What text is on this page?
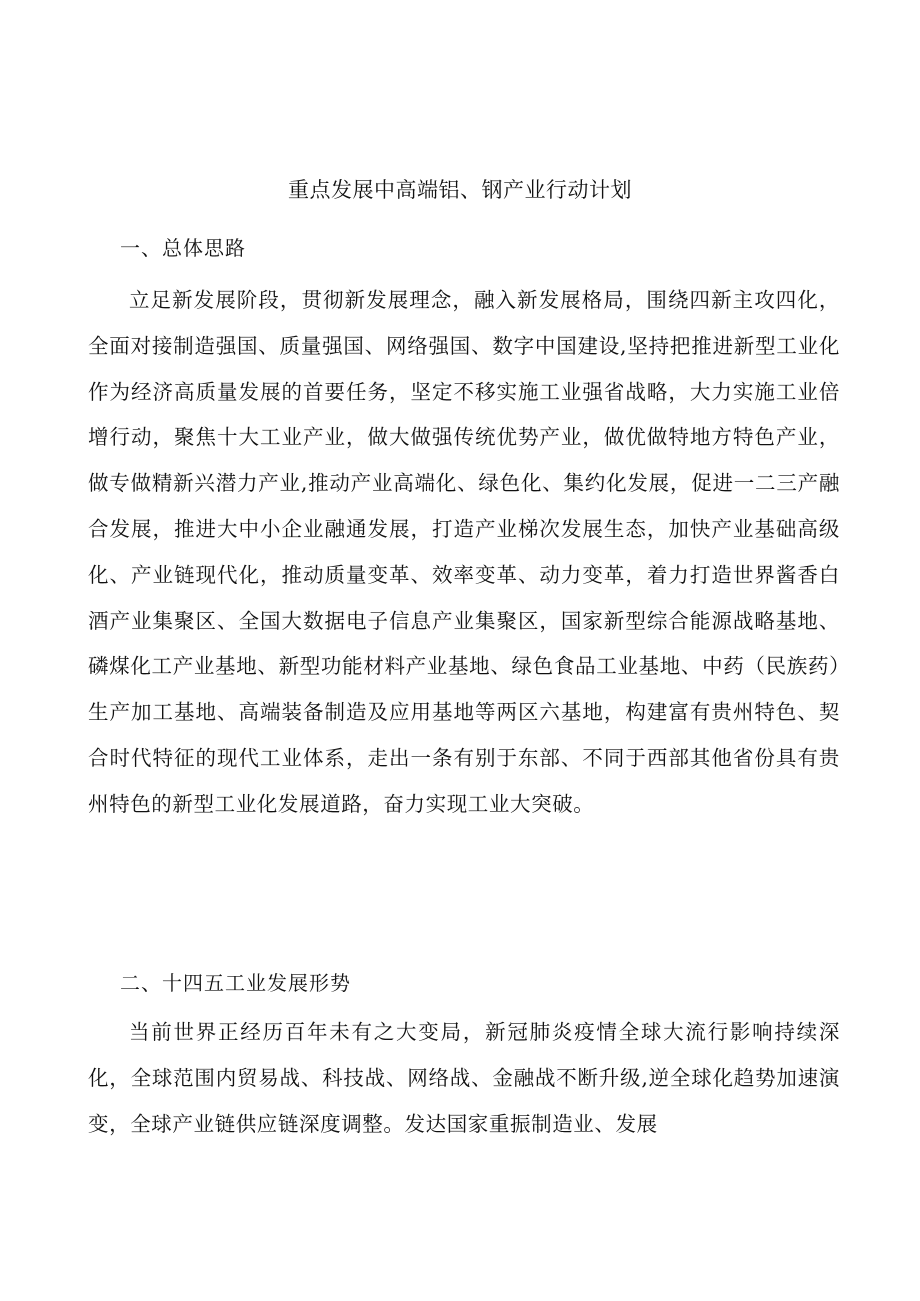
重点发展中高端铝、钢产业行动计划
一、总体思路

立足新发展阶段，贯彻新发展理念，融入新发展格局，围绕四新主攻四化，全面对接制造强国、质量强国、网络强国、数字中国建设,坚持把推进新型工业化作为经济高质量发展的首要任务，坚定不移实施工业强省战略，大力实施工业倍增行动，聚焦十大工业产业，做大做强传统优势产业，做优做特地方特色产业，做专做精新兴潜力产业,推动产业高端化、绿色化、集约化发展，促进一二三产融合发展，推进大中小企业融通发展，打造产业梯次发展生态，加快产业基础高级化、产业链现代化，推动质量变革、效率变革、动力变革，着力打造世界酱香白酒产业集聚区、全国大数据电子信息产业集聚区，国家新型综合能源战略基地、磷煤化工产业基地、新型功能材料产业基地、绿色食品工业基地、中药（民族药）生产加工基地、高端装备制造及应用基地等两区六基地，构建富有贵州特色、契合时代特征的现代工业体系，走出一条有别于东部、不同于西部其他省份具有贵州特色的新型工业化发展道路，奋力实现工业大突破。

二、十四五工业发展形势

当前世界正经历百年未有之大变局，新冠肺炎疫情全球大流行影响持续深化，全球范围内贸易战、科技战、网络战、金融战不断升级,逆全球化趋势加速演变，全球产业链供应链深度调整。发达国家重振制造业、发展
